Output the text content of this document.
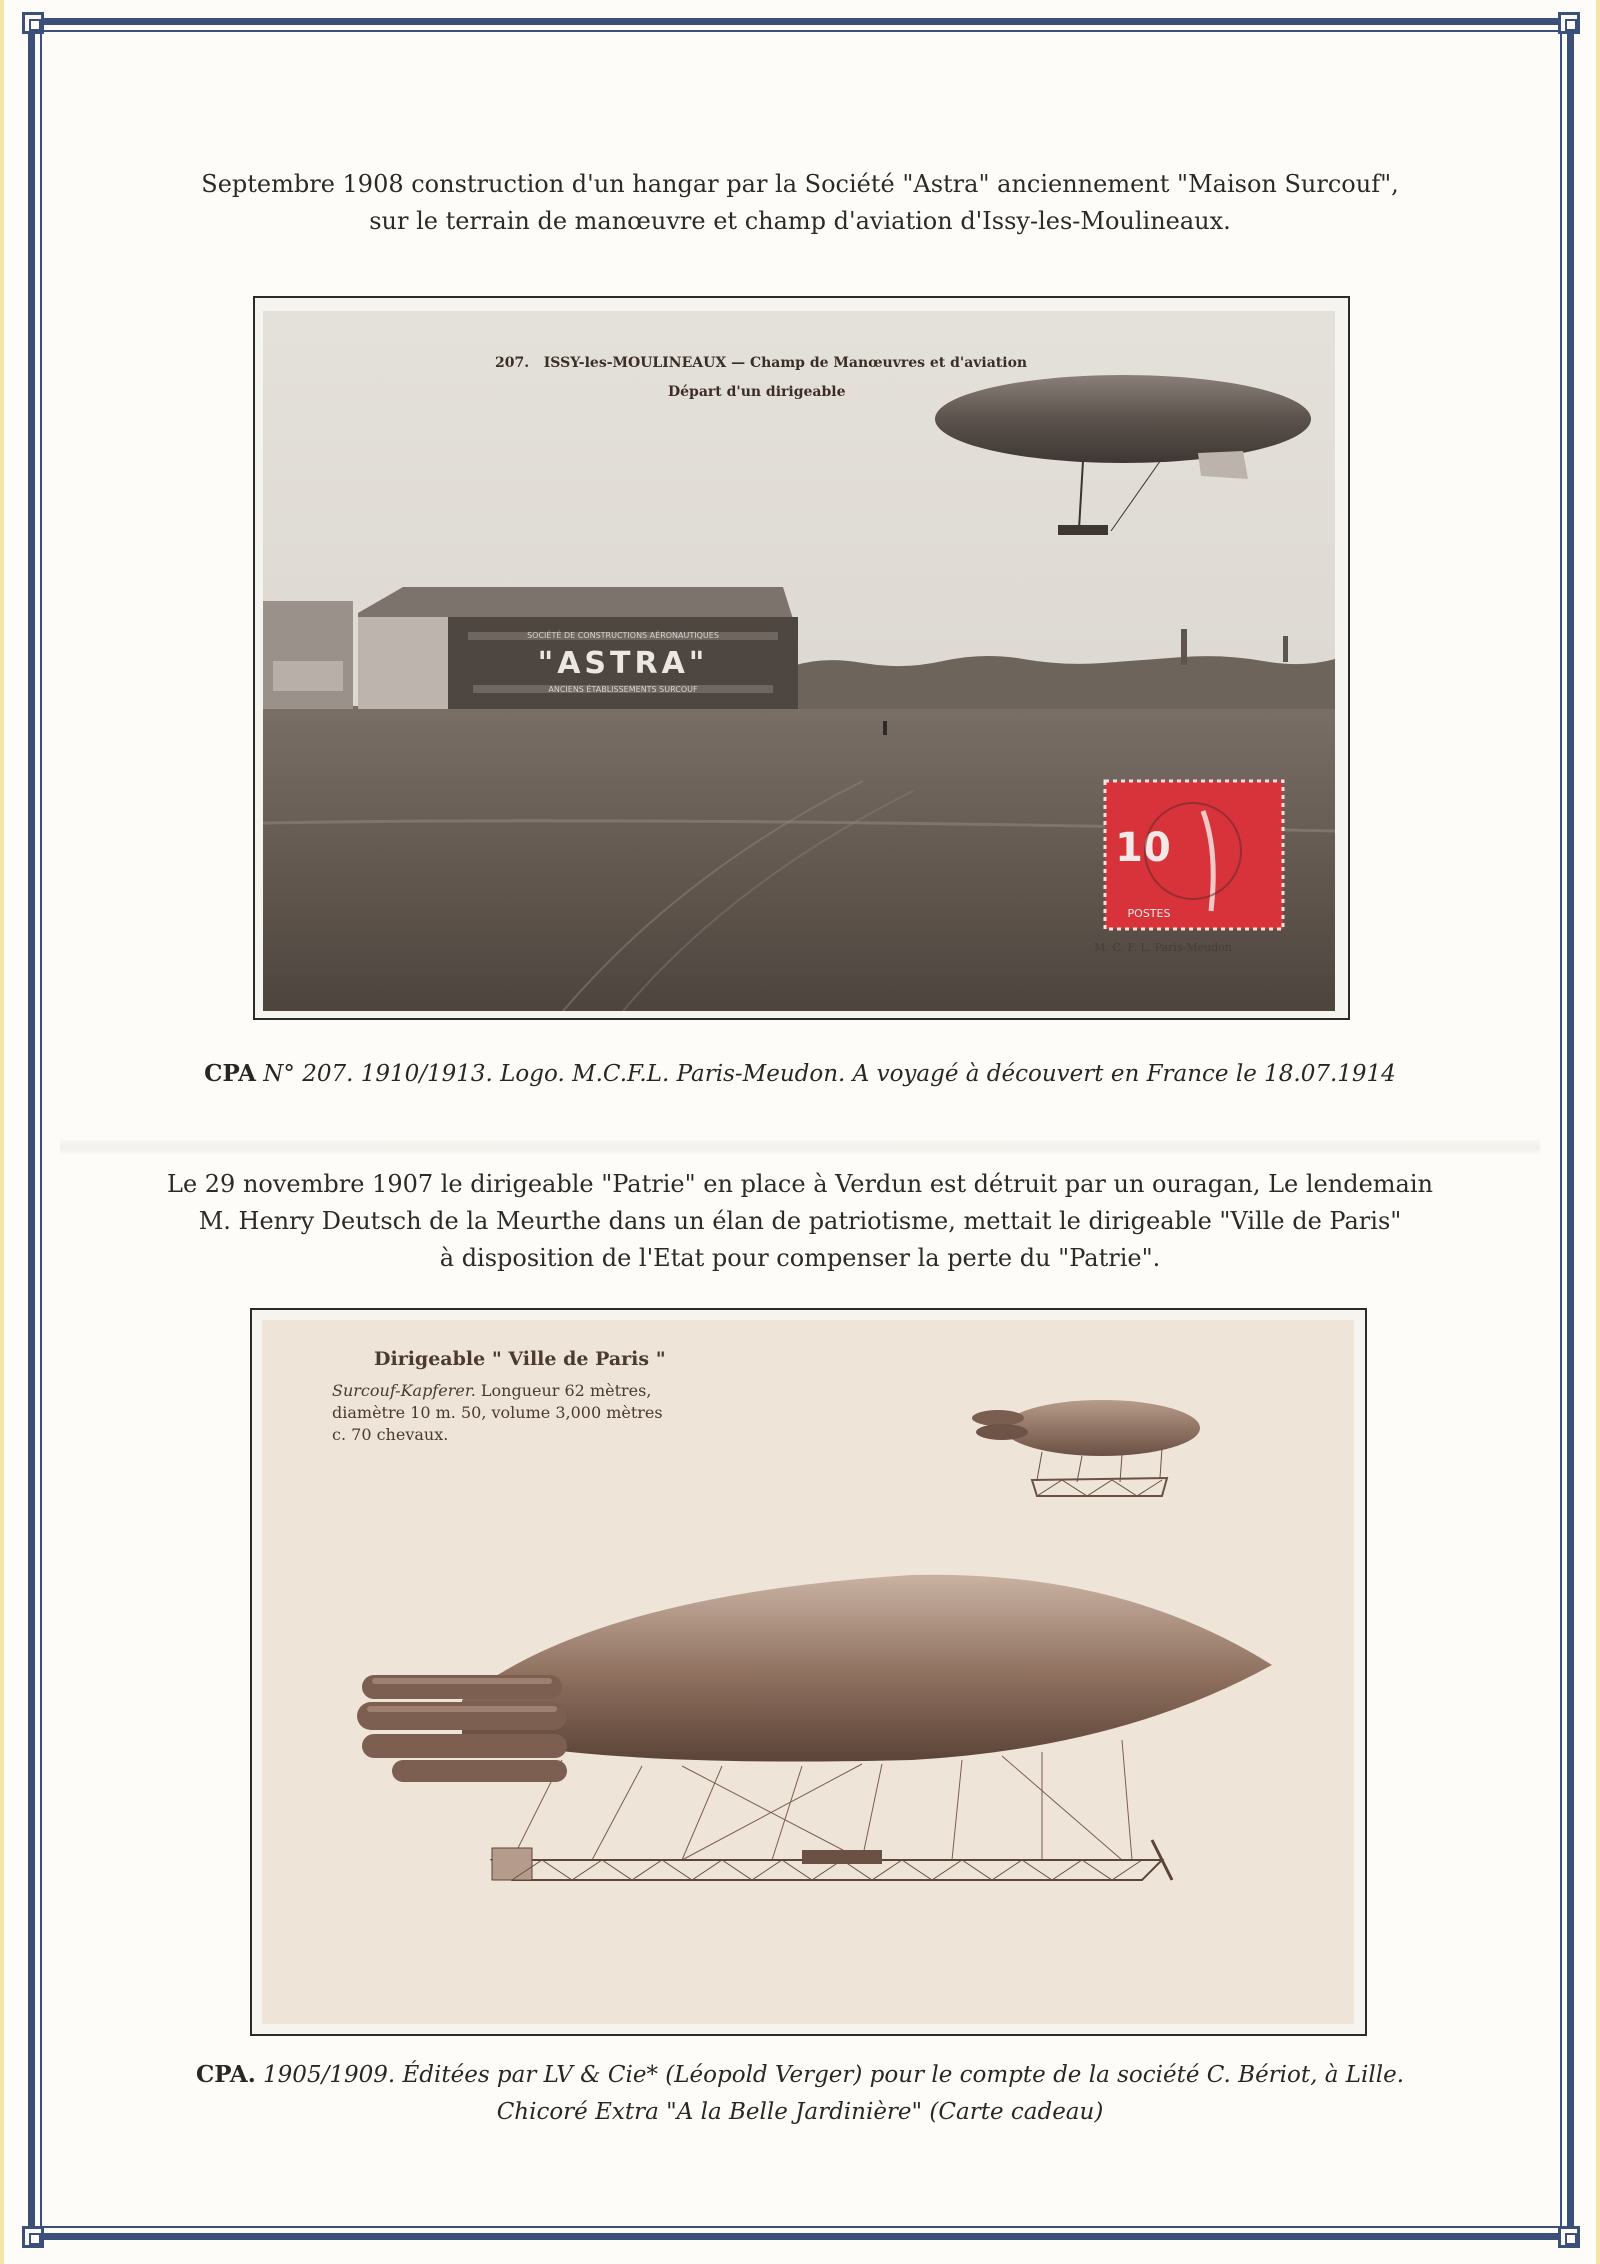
Septembre 1908 construction d'un hangar par la Société "Astra" anciennement "Maison Surcouf",
sur le terrain de manœuvre et champ d'aviation d'Issy-les-Moulineaux.
"ASTRA"
SOCIÉTÉ DE CONSTRUCTIONS AÉRONAUTIQUES
ANCIENS ÉTABLISSEMENTS SURCOUF
10
POSTES
M. C. F. L. Paris-Meudon
207. ISSY-les-MOULINEAUX — Champ de Manœuvres et d'aviation
Départ d'un dirigeable
CPA N° 207. 1910/1913. Logo. M.C.F.L. Paris-Meudon. A voyagé à découvert en France le 18.07.1914
Le 29 novembre 1907 le dirigeable "Patrie" en place à Verdun est détruit par un ouragan, Le lendemain
M. Henry Deutsch de la Meurthe dans un élan de patriotisme, mettait le dirigeable "Ville de Paris"
à disposition de l'Etat pour compenser la perte du "Patrie".
Dirigeable " Ville de Paris "
Surcouf-Kapferer. Longueur 62 mètres,
diamètre 10 m. 50, volume 3,000 mètres
c. 70 chevaux.
CPA. 1905/1909. Éditées par LV & Cie* (Léopold Verger) pour le compte de la société C. Bériot, à Lille.
Chicoré Extra "A la Belle Jardinière" (Carte cadeau)
